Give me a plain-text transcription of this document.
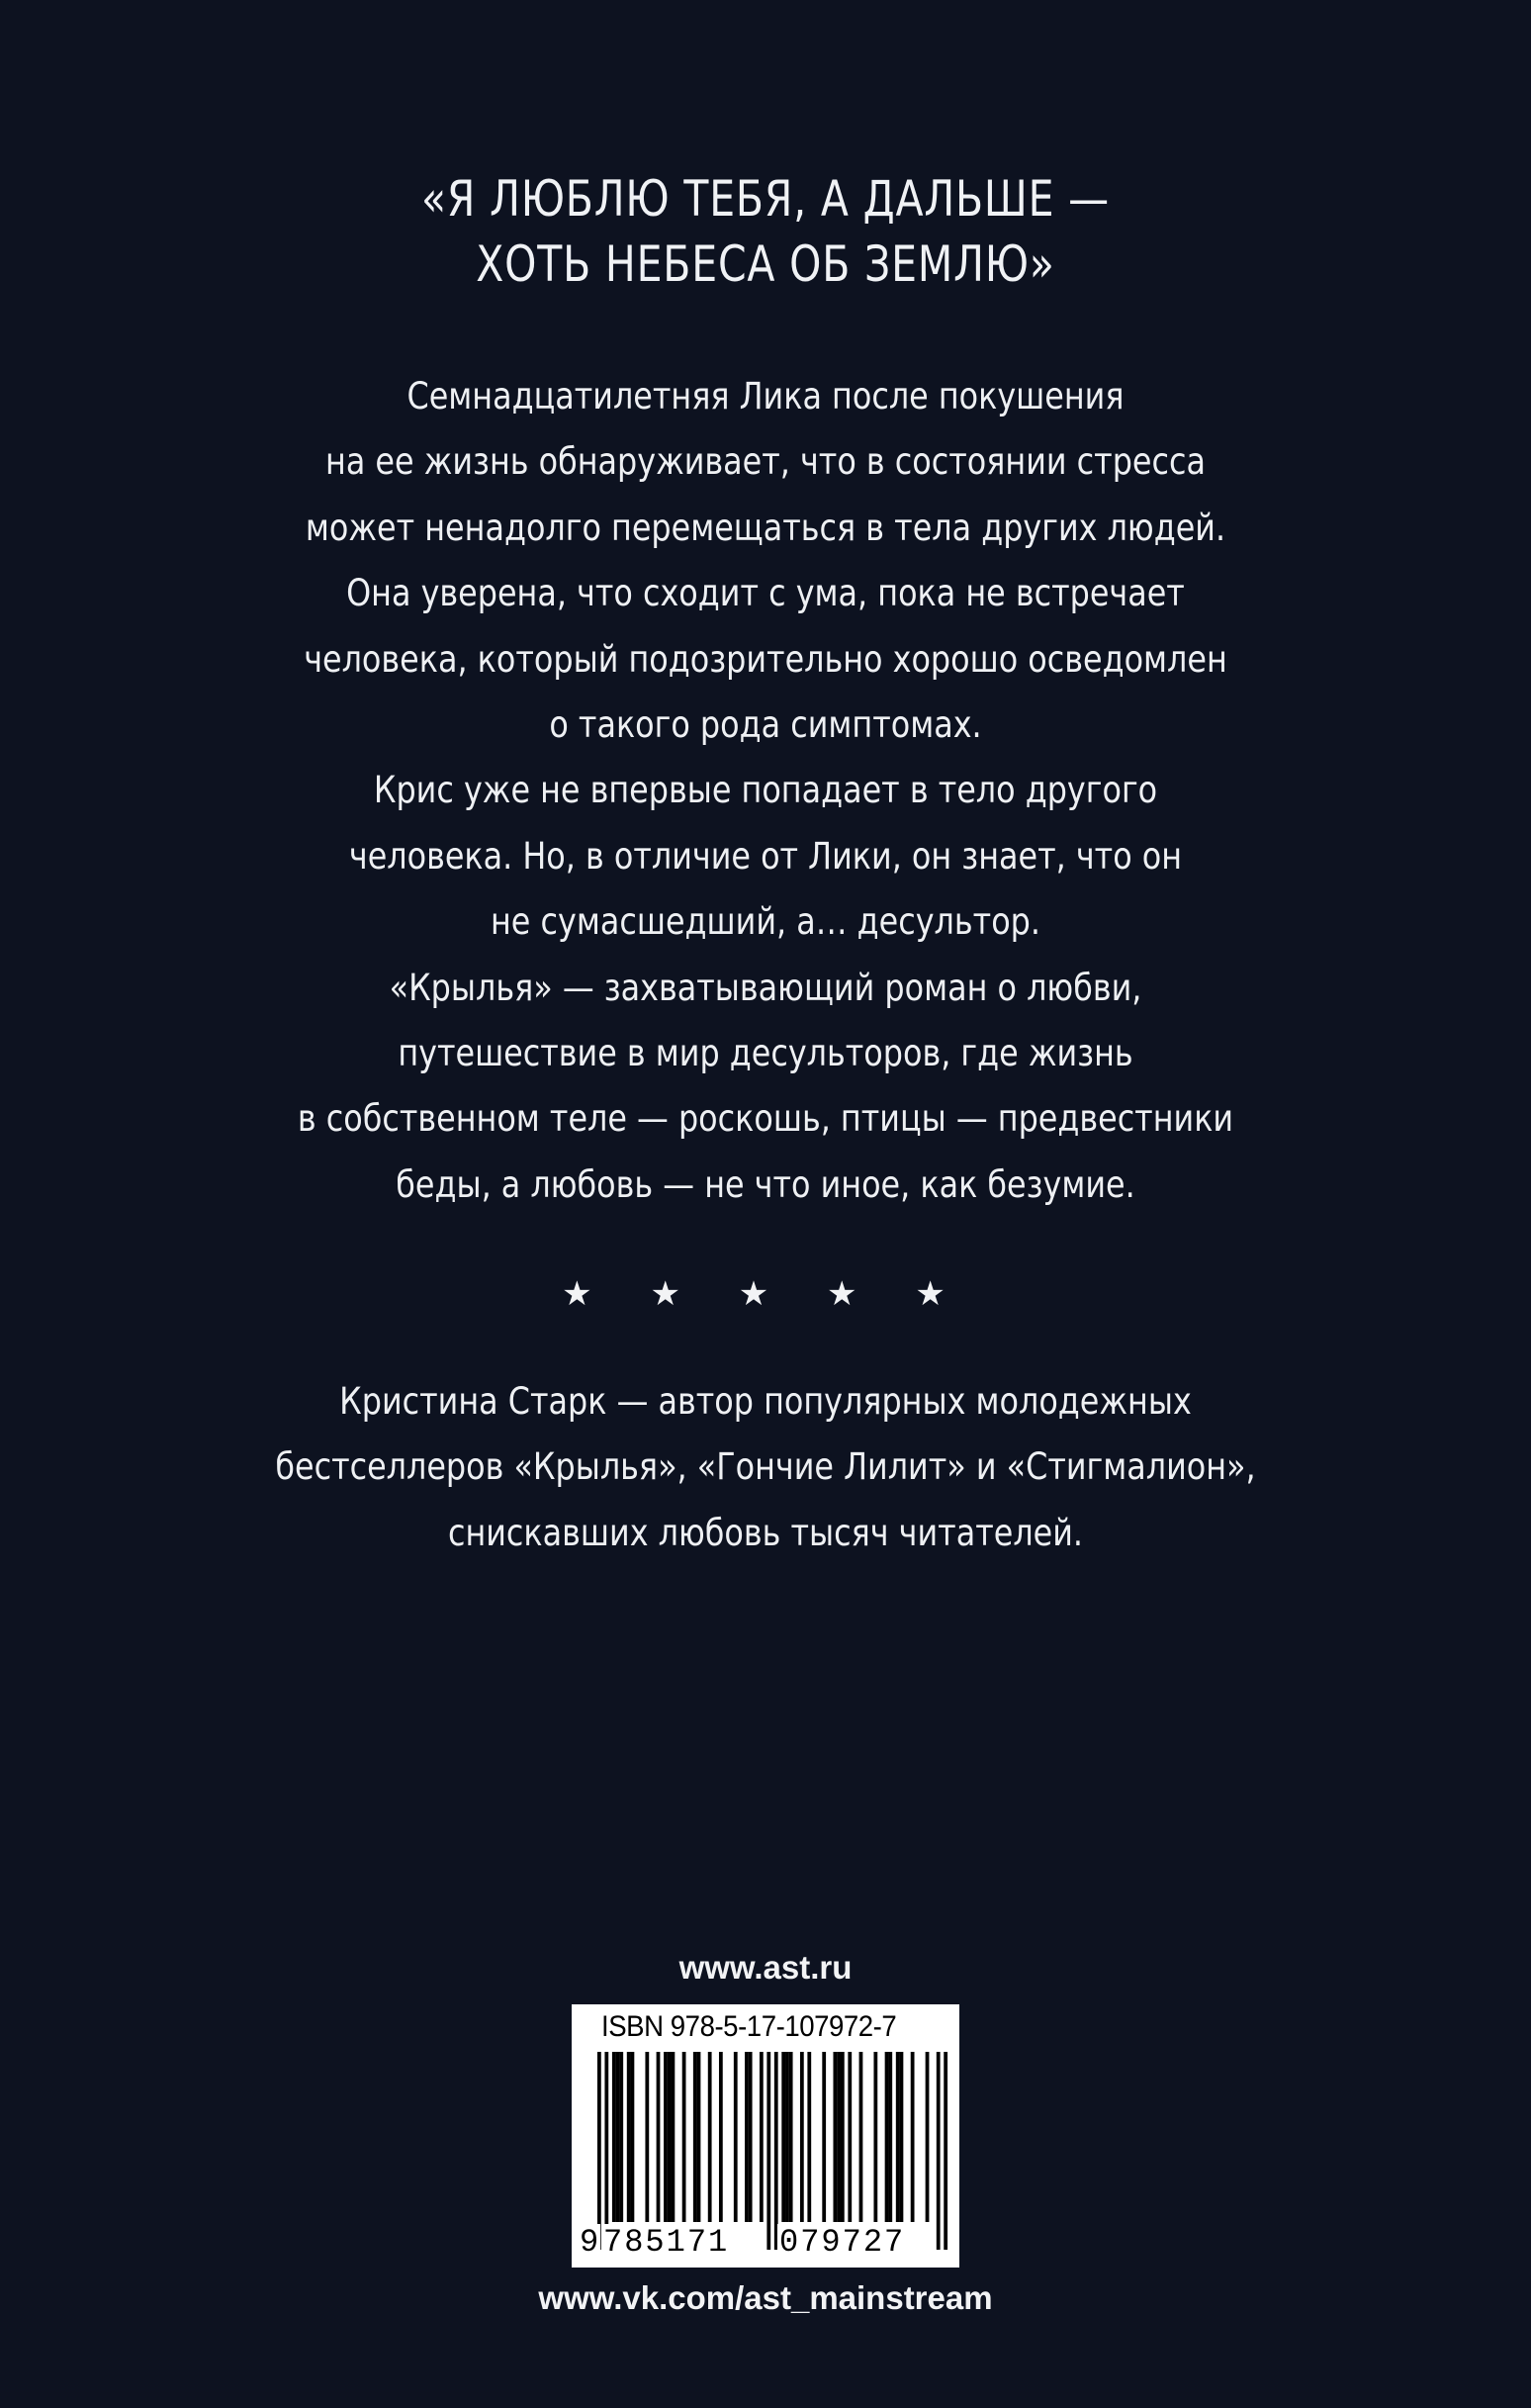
«Я ЛЮБЛЮ ТЕБЯ, А ДАЛЬШЕ —
ХОТЬ НЕБЕСА ОБ ЗЕМЛЮ»
Семнадцатилетняя Лика после покушения
на ее жизнь обнаруживает, что в состоянии стресса
может ненадолго перемещаться в тела других людей.
Она уверена, что сходит с ума, пока не встречает
человека, который подозрительно хорошо осведомлен
о такого рода симптомах.
Крис уже не впервые попадает в тело другого
человека. Но, в отличие от Лики, он знает, что он
не сумасшедший, а… десультор.
«Крылья» — захватывающий роман о любви,
путешествие в мир десульторов, где жизнь
в собственном теле — роскошь, птицы — предвестники
беды, а любовь — не что иное, как безумие.
★ ★ ★ ★ ★
Кристина Старк — автор популярных молодежных
бестселлеров «Крылья», «Гончие Лилит» и «Стигмалион»,
снискавших любовь тысяч читателей.
www.ast.ru
ISBN 978-5-17-107972-7
9 785171 079727
www.vk.com/ast_mainstream
